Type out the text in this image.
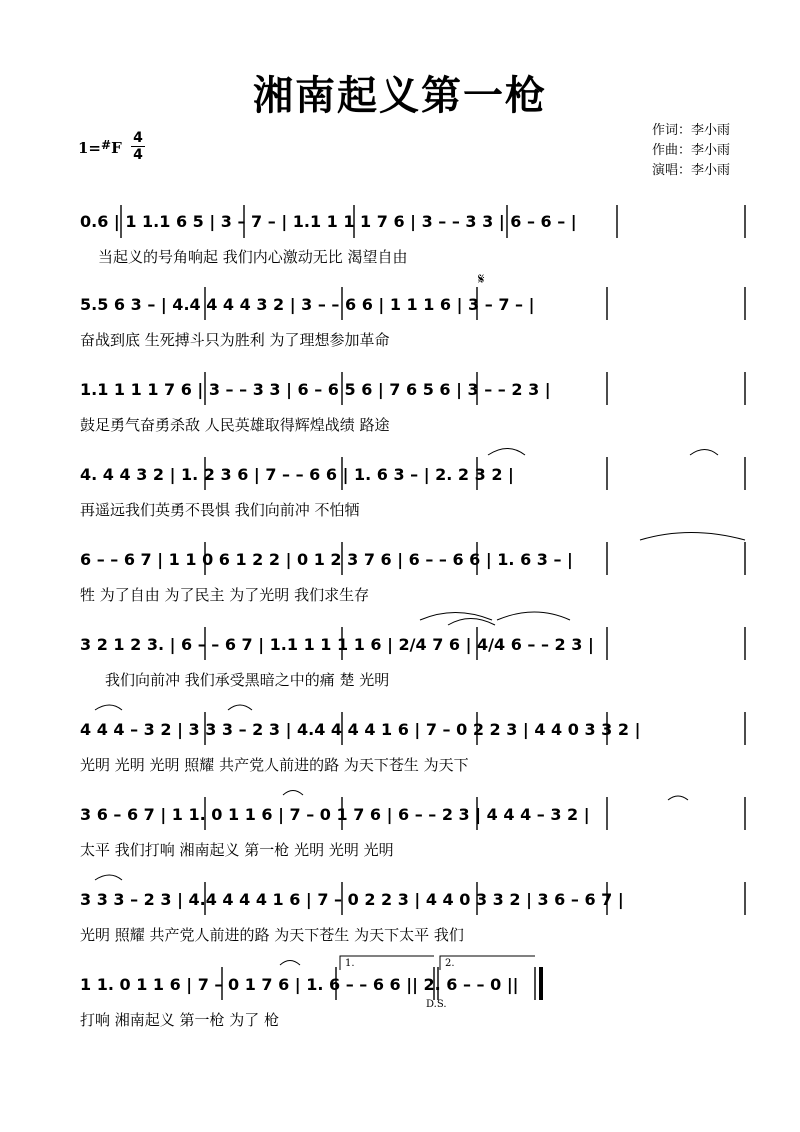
1.	2.
湘南起义第一枪
1=#F
4
4
作词：李小雨
作曲：李小雨
演唱：李小雨
0.6 | 1 1.1 6 5 | 3 – 7 – | 1.1 1 1 1 7 6 | 3 – – 3 3 | 6 – 6 – |
当起义的号角响起 我们内心激动无比 渴望自由
5.5 6 3 – | 4.4 4 4 4 3 2 | 3 – – 6 6 | 1 1 1 6 | 3 – 7 – |
奋战到底 生死搏斗只为胜利 为了理想参加革命
𝄋
1.1 1 1 1 7 6 | 3 – – 3 3 | 6 – 6 5 6 | 7 6 5 6 | 3 – – 2 3 |
鼓足勇气奋勇杀敌 人民英雄取得辉煌战绩 路途
4. 4 4 3 2 | 1. 2 3 6 | 7 – – 6 6 | 1. 6 3 – | 2. 2 3 2 |
再遥远我们英勇不畏惧 我们向前冲 不怕牺
6 – – 6 7 | 1 1 0 6 1 2 2 | 0 1 2 3 7 6 | 6 – – 6 6 | 1. 6 3 – |
牲 为了自由 为了民主 为了光明 我们求生存
3 2 1 2 3. | 6 – – 6 7 | 1.1 1 1 1 1 6 | 2/4 7 6 | 4/4 6 – – 2 3 |
我们向前冲 我们承受黑暗之中的痛 楚 光明
4 4 4 – 3 2 | 3 3 3 – 2 3 | 4.4 4 4 4 1 6 | 7 – 0 2 2 3 | 4 4 0 3 3 2 |
光明 光明 光明 照耀 共产党人前进的路 为天下苍生 为天下
3 6 – 6 7 | 1 1. 0 1 1 6 | 7 – 0 1 7 6 | 6 – – 2 3 | 4 4 4 – 3 2 |
太平 我们打响 湘南起义 第一枪 光明 光明 光明
3 3 3 – 2 3 | 4.4 4 4 4 1 6 | 7 – 0 2 2 3 | 4 4 0 3 3 2 | 3 6 – 6 7 |
光明 照耀 共产党人前进的路 为天下苍生 为天下太平 我们
1 1. 0 1 1 6 | 7 – 0 1 7 6 | 1. 6 – – 6 6 || 2. 6 – – 0 ||
打响 湘南起义 第一枪 为了 枪
D.S.
